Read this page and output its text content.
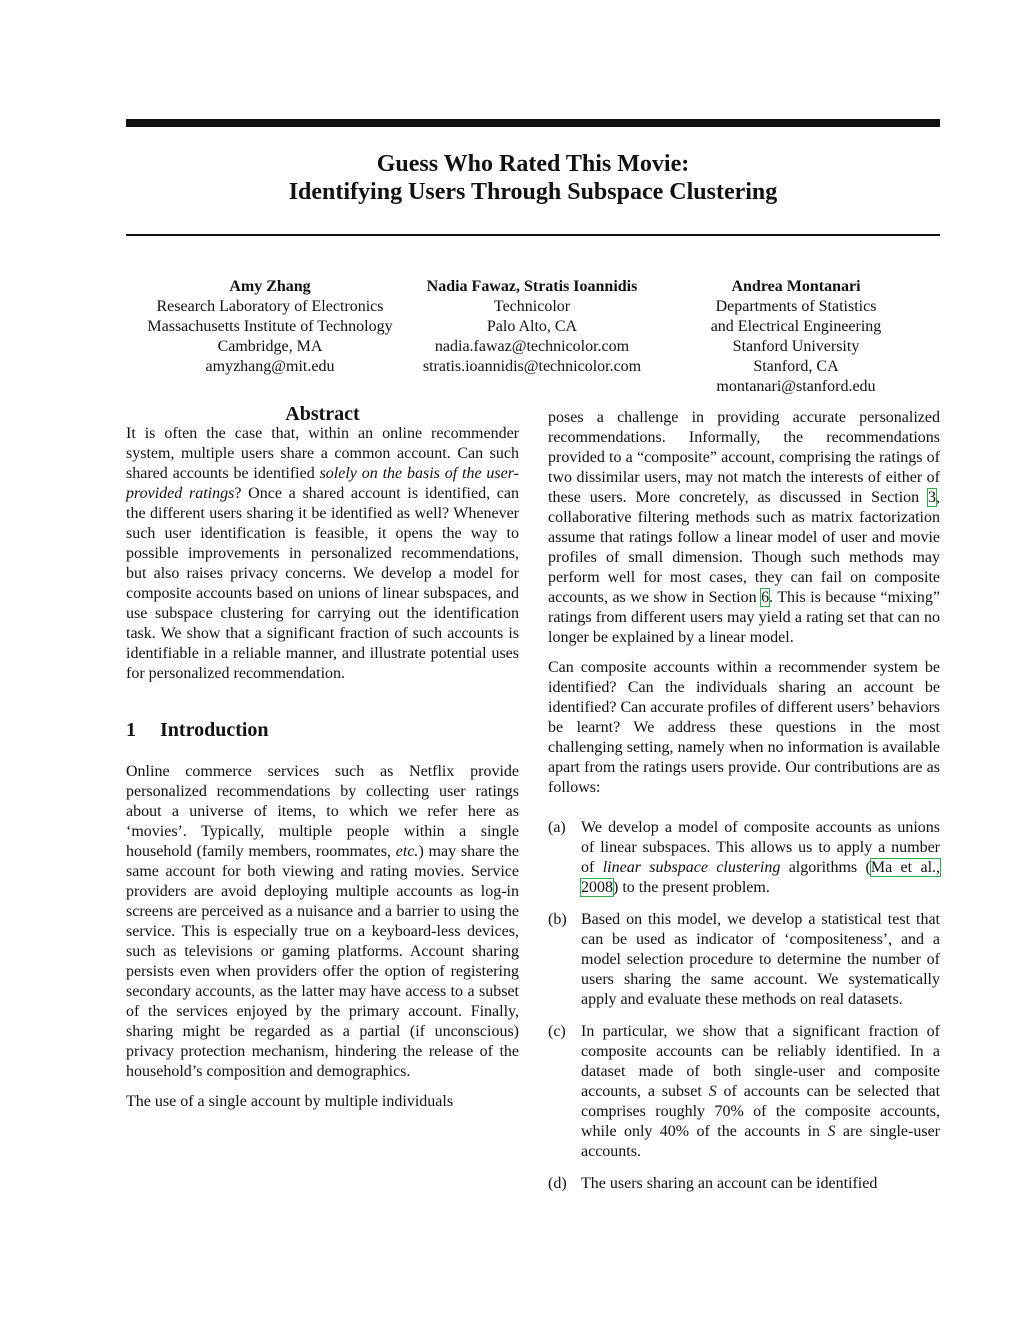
Guess Who Rated This Movie:
Identifying Users Through Subspace Clustering
Amy Zhang
Research Laboratory of Electronics
Massachusetts Institute of Technology
Cambridge, MA
amyzhang@mit.edu
Nadia Fawaz, Stratis Ioannidis
Technicolor
Palo Alto, CA
nadia.fawaz@technicolor.com
stratis.ioannidis@technicolor.com
Andrea Montanari
Departments of Statistics
and Electrical Engineering
Stanford University
Stanford, CA
montanari@stanford.edu
Abstract

It is often the case that, within an online recommender system, multiple users share a common account. Can such shared accounts be identified solely on the basis of the user-provided ratings? Once a shared account is identified, can the different users sharing it be identified as well? Whenever such user identification is feasible, it opens the way to possible improvements in personalized recommendations, but also raises privacy concerns. We develop a model for composite accounts based on unions of linear subspaces, and use subspace clustering for carrying out the identification task. We show that a significant fraction of such accounts is identifiable in a reliable manner, and illustrate potential uses for personalized recommendation.

1	Introduction

Online commerce services such as Netflix provide personalized recommendations by collecting user ratings about a universe of items, to which we refer here as ‘movies’. Typically, multiple people within a single household (family members, roommates, etc.) may share the same account for both viewing and rating movies. Service providers are avoid deploying multiple accounts as log-in screens are perceived as a nuisance and a barrier to using the service. This is especially true on a keyboard-less devices, such as televisions or gaming platforms. Account sharing persists even when providers offer the option of registering secondary accounts, as the latter may have access to a subset of the services enjoyed by the primary account. Finally, sharing might be regarded as a partial (if unconscious) privacy protection mechanism, hindering the release of the household’s composition and demographics.

The use of a single account by multiple individuals

poses a challenge in providing accurate personalized recommendations. Informally, the recommendations provided to a “composite” account, comprising the ratings of two dissimilar users, may not match the interests of either of these users. More concretely, as discussed in Section 3, collaborative filtering methods such as matrix factorization assume that ratings follow a linear model of user and movie profiles of small dimension. Though such methods may perform well for most cases, they can fail on composite accounts, as we show in Section 6. This is because “mixing” ratings from different users may yield a rating set that can no longer be explained by a linear model.

Can composite accounts within a recommender system be identified? Can the individuals sharing an account be identified? Can accurate profiles of different users’ behaviors be learnt? We address these questions in the most challenging setting, namely when no information is available apart from the ratings users provide. Our contributions are as follows:

(a) We develop a model of composite accounts as unions of linear subspaces. This allows us to apply a number of linear subspace clustering algorithms (Ma et al., 2008) to the present problem.
(b) Based on this model, we develop a statistical test that can be used as indicator of ‘compositeness’, and a model selection procedure to determine the number of users sharing the same account. We systematically apply and evaluate these methods on real datasets.
(c) In particular, we show that a significant fraction of composite accounts can be reliably identified. In a dataset made of both single-user and composite accounts, a subset S of accounts can be selected that comprises roughly 70% of the composite accounts, while only 40% of the accounts in S are single-user accounts.
(d) The users sharing an account can be identified
